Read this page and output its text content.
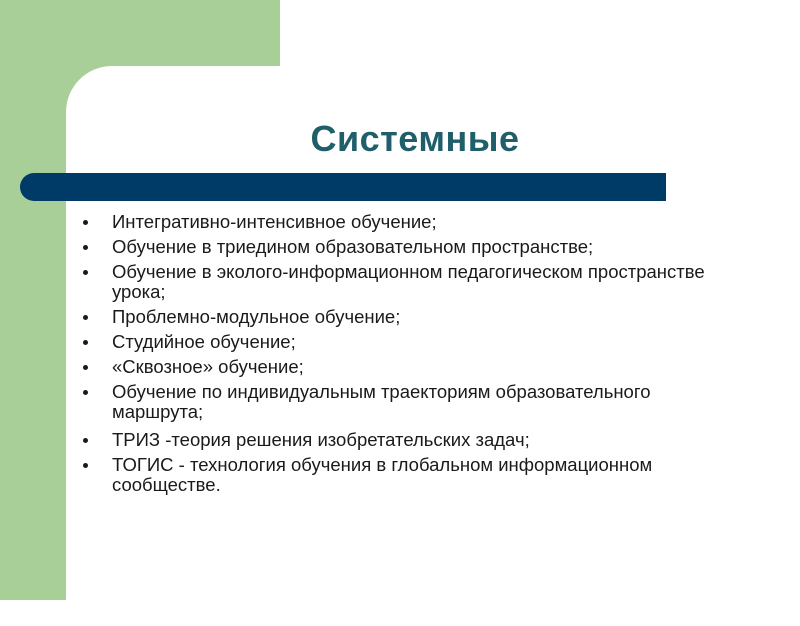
Системные
Интегративно-интенсивное обучение;
Обучение в триедином образовательном пространстве;
Обучение в эколого-информационном педагогическом пространстве урока;
Проблемно-модульное обучение;
Студийное обучение;
«Сквозное» обучение;
Обучение по индивидуальным траекториям образовательного маршрута;
ТРИЗ -теория решения изобретательских задач;
ТОГИС - технология обучения в глобальном информационном сообществе.
